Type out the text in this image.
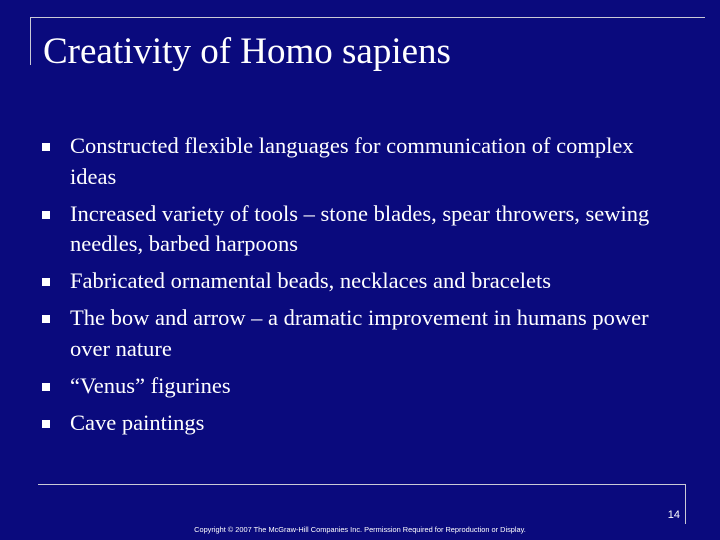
Creativity of Homo sapiens
Constructed flexible languages for communication of complex ideas
Increased variety of tools – stone blades, spear throwers, sewing needles, barbed harpoons
Fabricated ornamental beads, necklaces and bracelets
The bow and arrow – a dramatic improvement in humans power over nature
“Venus” figurines
Cave paintings
14
Copyright © 2007 The McGraw-Hill Companies Inc. Permission Required for Reproduction or Display.
